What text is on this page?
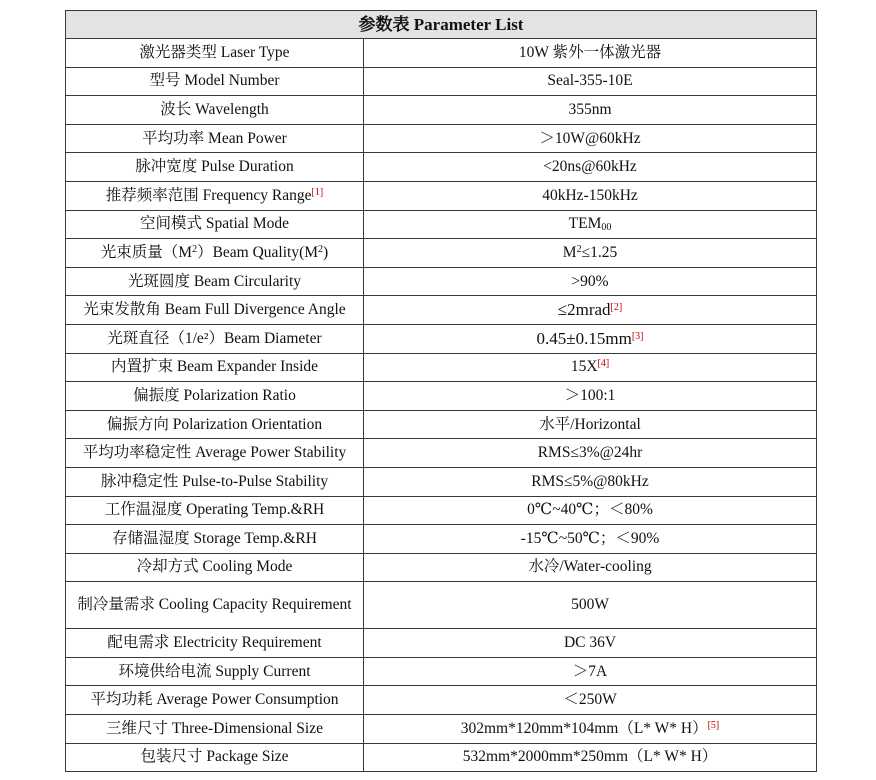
参数表 Parameter List	
激光器类型 Laser Type	10W 紫外一体激光器
型号 Model Number	Seal-355-10E
波长 Wavelength	355nm
平均功率 Mean Power	＞10W@60kHz
脉冲宽度 Pulse Duration	<20ns@60kHz
推荐频率范围 Frequency Range[1]	40kHz-150kHz
空间模式 Spatial Mode	$TEM_{00}$
光束质量$(M^2)Beam$ $Quality(M^2)$	$M^2\le 1.25$
光斑圆度 Beam Circularity	>90%
光束发散角 Beam Full Divergence Angle	≤2mrad[2]
光斑直径（1/e²）Beam Diameter	0.45±0.15mm[3]
内置扩束 Beam Expander Inside	15X[4]
偏振度 Polarization Ratio	＞100:1
偏振方向 Polarization Orientation	水平/Horizontal
平均功率稳定性 Average Power Stability	RMS≤3%@24hr
脉冲稳定性 Pulse-to-Pulse Stability	RMS≤5%@80kHz
工作温湿度 Operating Temp.&RH	0℃~40℃；＜80%
存储温湿度 Storage Temp.&RH	-15℃~50℃；＜90%
冷却方式 Cooling Mode	水冷/Water-cooling
制冷量需求 Cooling Capacity Requirement	500W
配电需求 Electricity Requirement	DC 36V
环境供给电流 Supply Current	＞7A
平均功耗 Average Power Consumption	＜250W
三维尺寸 Three-Dimensional Size	302mm*120mm*104mm（L* W* H）[5]
包装尺寸 Package Size	532mm*2000mm*250mm（L* W* H）
